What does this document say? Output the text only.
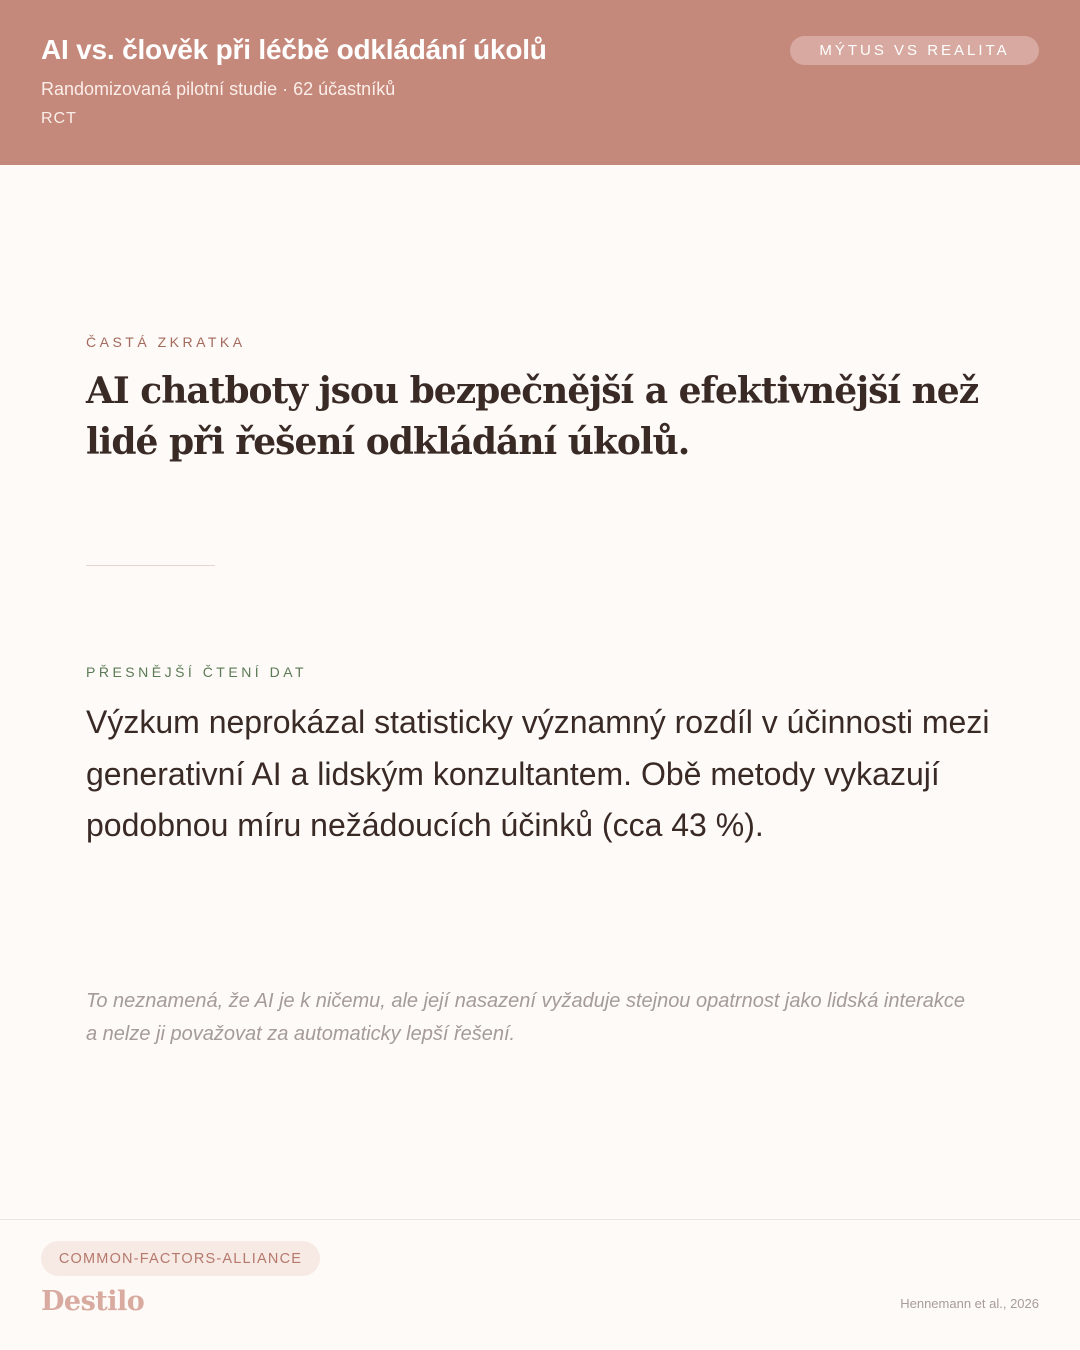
AI vs. člověk při léčbě odkládání úkolů
Randomizovaná pilotní studie · 62 účastníků
RCT
MÝTUS VS REALITA
ČASTÁ ZKRATKA
AI chatboty jsou bezpečnější a efektivnější než lidé při řešení odkládání úkolů.
PŘESNĚJŠÍ ČTENÍ DAT

Výzkum neprokázal statisticky významný rozdíl v účinnosti mezi generativní AI a lidským konzultantem. Obě metody vykazují podobnou míru nežádoucích účinků (cca 43 %).

To neznamená, že AI je k ničemu, ale její nasazení vyžaduje stejnou opatrnost jako lidská interakce a nelze ji považovat za automaticky lepší řešení.

COMMON-FACTORS-ALLIANCE
Destilo	Hennemann et al., 2026
